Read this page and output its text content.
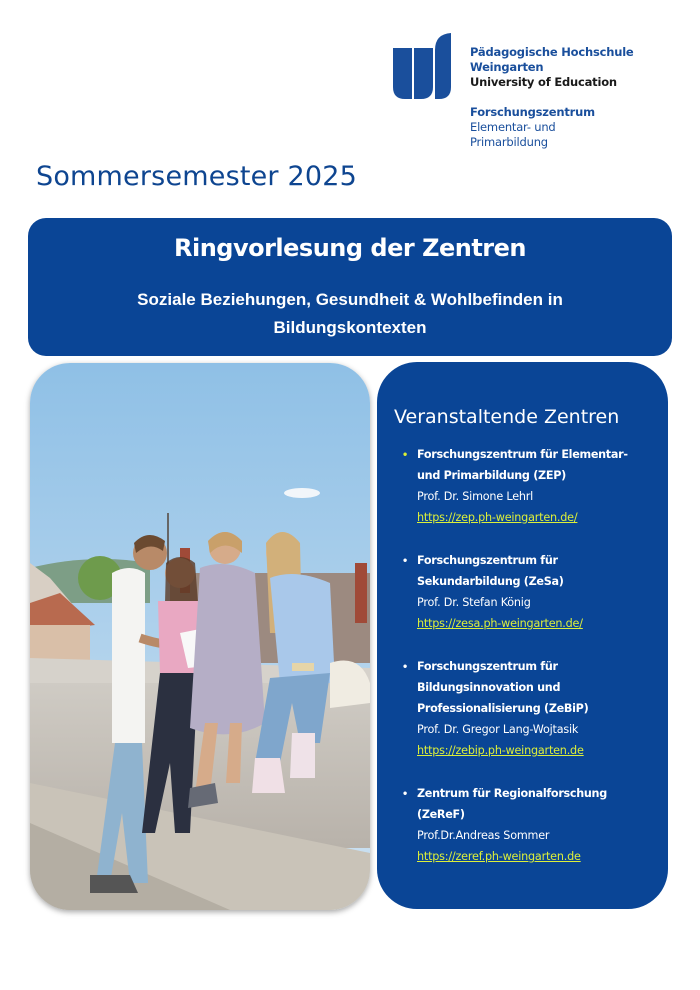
Pädagogische Hochschule
Weingarten
University of Education
Forschungszentrum
Elementar- und
Primarbildung
Sommersemester 2025
Ringvorlesung der Zentren
Soziale Beziehungen, Gesundheit & Wohlbefinden in Bildungskontexten
Veranstaltende Zentren
• Forschungszentrum für Elementar- und Primarbildung (ZEP)
Prof. Dr. Simone Lehrl
https://zep.ph-weingarten.de/
• Forschungszentrum für Sekundarbildung (ZeSa)
Prof. Dr. Stefan König
https://zesa.ph-weingarten.de/
• Forschungszentrum für Bildungsinnovation und Professionalisierung (ZeBiP)
Prof. Dr. Gregor Lang-Wojtasik
https://zebip.ph-weingarten.de
• Zentrum für Regionalforschung (ZeReF)
Prof.Dr.Andreas Sommer
https://zeref.ph-weingarten.de
